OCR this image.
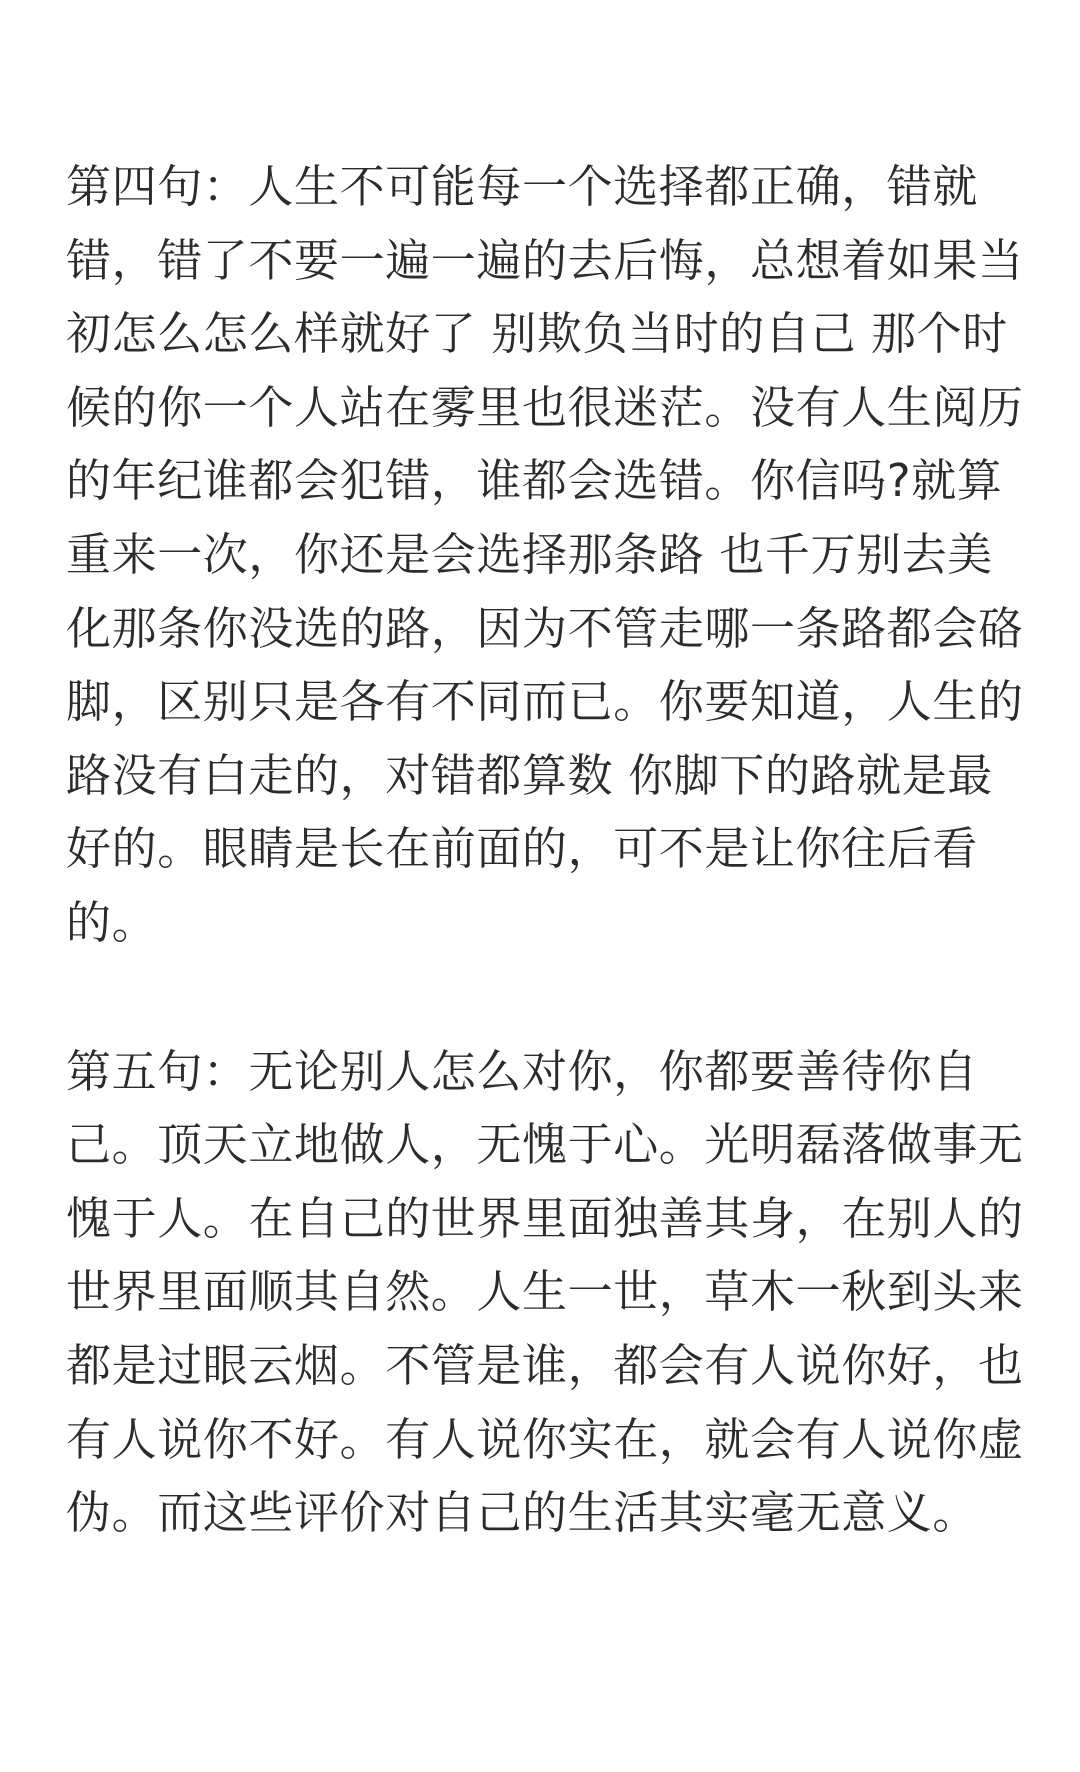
第四句：人生不可能每一个选择都正确，错就错，错了不要一遍一遍的去后悔，总想着如果当初怎么怎么样就好了 别欺负当时的自己 那个时候的你一个人站在雾里也很迷茫。没有人生阅历的年纪谁都会犯错，谁都会选错。你信吗?就算重来一次，你还是会选择那条路 也千万别去美化那条你没选的路，因为不管走哪一条路都会硌脚，区别只是各有不同而已。你要知道，人生的路没有白走的，对错都算数 你脚下的路就是最好的。眼睛是长在前面的，可不是让你往后看的。

第五句：无论别人怎么对你，你都要善待你自己。顶天立地做人，无愧于心。光明磊落做事无愧于人。在自己的世界里面独善其身，在别人的世界里面顺其自然。人生一世，草木一秋到头来都是过眼云烟。不管是谁，都会有人说你好，也有人说你不好。有人说你实在，就会有人说你虚伪。而这些评价对自己的生活其实毫无意义。
